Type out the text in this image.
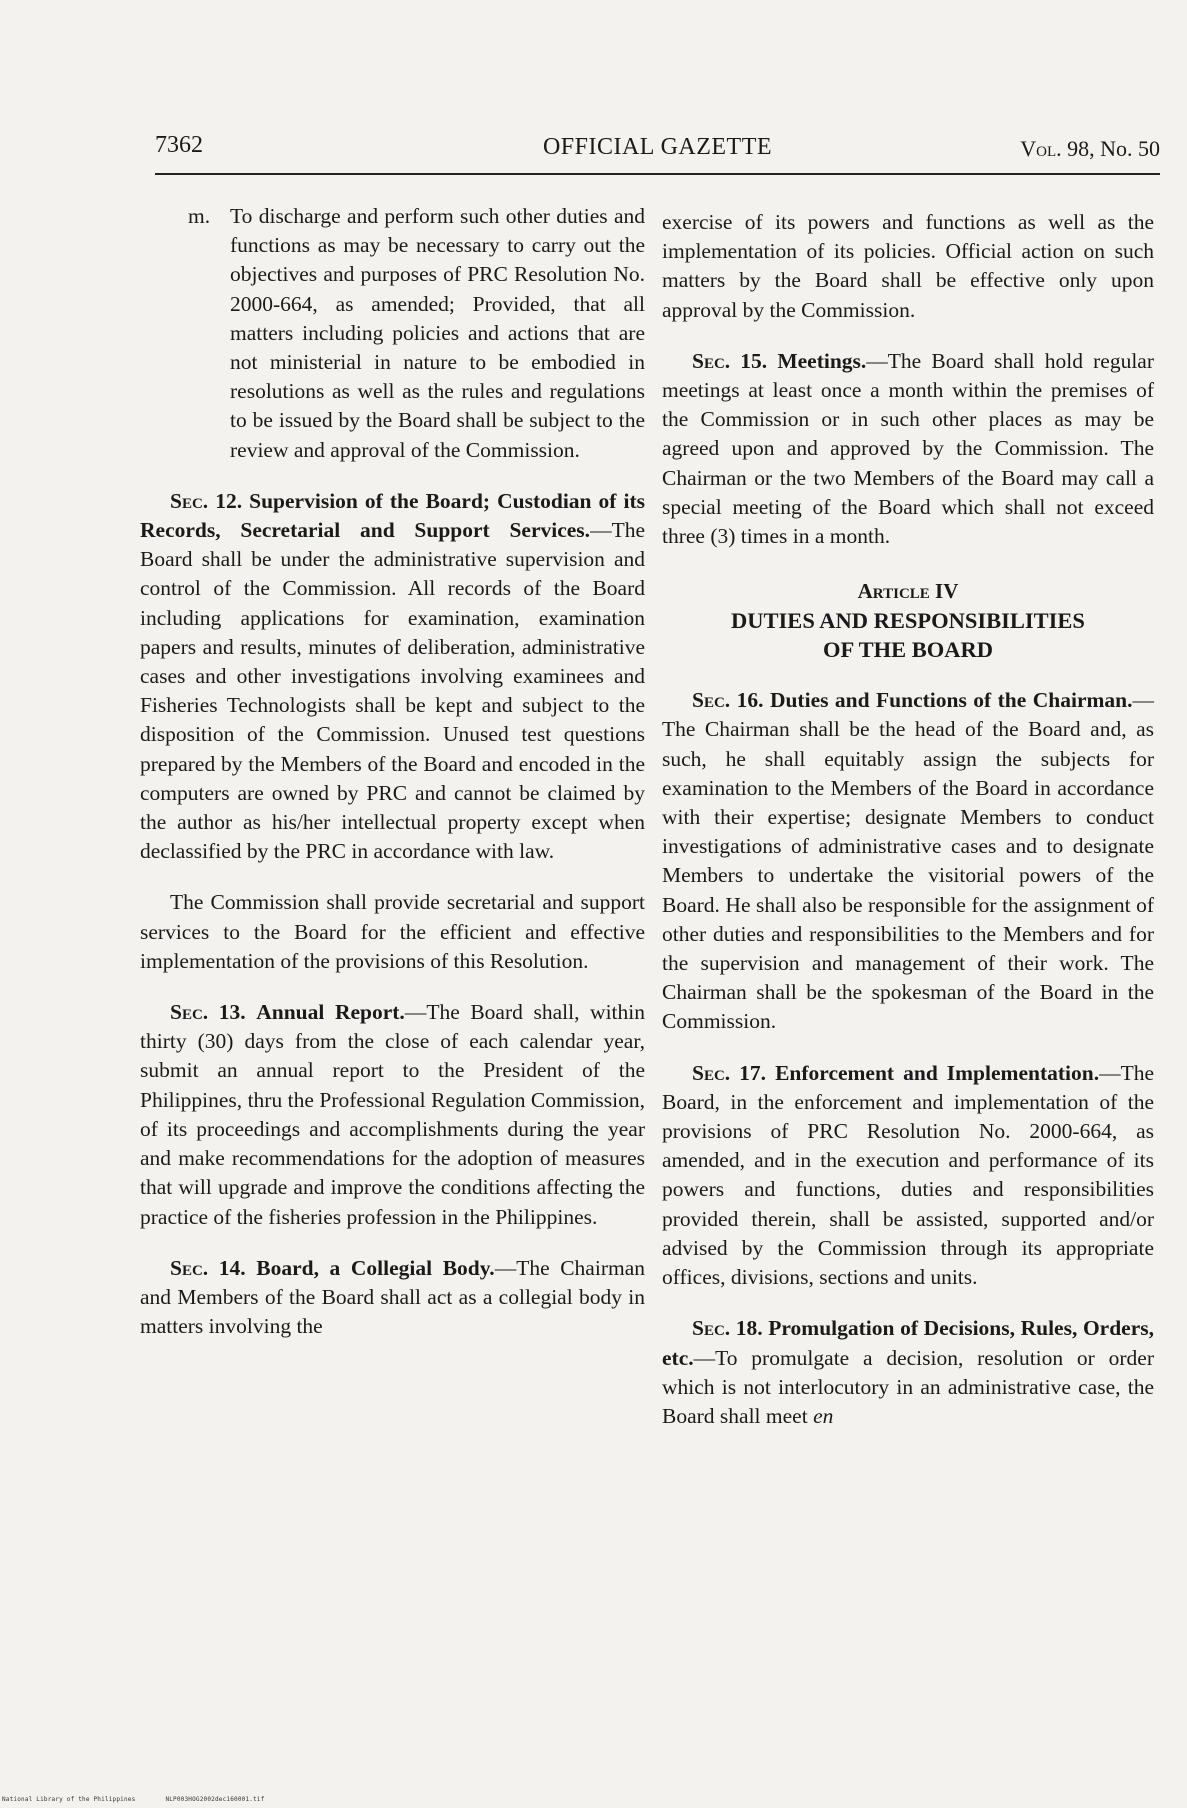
7362	OFFICIAL GAZETTE	Vol. 98, No. 50
m. To discharge and perform such other duties and functions as may be necessary to carry out the objectives and purposes of PRC Resolution No. 2000-664, as amended; Provided, that all matters including policies and actions that are not ministerial in nature to be embodied in resolutions as well as the rules and regulations to be issued by the Board shall be subject to the review and approval of the Commission.

Sec. 12. Supervision of the Board; Custodian of its Records, Secretarial and Support Services.—The Board shall be under the administrative supervision and control of the Commission. All records of the Board including applications for examination, examination papers and results, minutes of deliberation, administrative cases and other investigations involving examinees and Fisheries Technologists shall be kept and subject to the disposition of the Commission. Unused test questions prepared by the Members of the Board and encoded in the computers are owned by PRC and cannot be claimed by the author as his/her intellectual property except when declassified by the PRC in accordance with law.

The Commission shall provide secretarial and support services to the Board for the efficient and effective implementation of the provisions of this Resolution.

Sec. 13. Annual Report.—The Board shall, within thirty (30) days from the close of each calendar year, submit an annual report to the President of the Philippines, thru the Professional Regulation Commission, of its proceedings and accomplishments during the year and make recommendations for the adoption of measures that will upgrade and improve the conditions affecting the practice of the fisheries profession in the Philippines.

Sec. 14. Board, a Collegial Body.—The Chairman and Members of the Board shall act as a collegial body in matters involving the

exercise of its powers and functions as well as the implementation of its policies. Official action on such matters by the Board shall be effective only upon approval by the Commission.

Sec. 15. Meetings.—The Board shall hold regular meetings at least once a month within the premises of the Commission or in such other places as may be agreed upon and approved by the Commission. The Chairman or the two Members of the Board may call a special meeting of the Board which shall not exceed three (3) times in a month.

Article IV
DUTIES AND RESPONSIBILITIES
OF THE BOARD

Sec. 16. Duties and Functions of the Chairman.—The Chairman shall be the head of the Board and, as such, he shall equitably assign the subjects for examination to the Members of the Board in accordance with their expertise; designate Members to conduct investigations of administrative cases and to designate Members to undertake the visitorial powers of the Board. He shall also be responsible for the assignment of other duties and responsibilities to the Members and for the supervision and management of their work. The Chairman shall be the spokesman of the Board in the Commission.

Sec. 17. Enforcement and Implementation.—The Board, in the enforcement and implementation of the provisions of PRC Resolution No. 2000-664, as amended, and in the execution and performance of its powers and functions, duties and responsibilities provided therein, shall be assisted, supported and/or advised by the Commission through its appropriate offices, divisions, sections and units.

Sec. 18. Promulgation of Decisions, Rules, Orders, etc.—To promulgate a decision, resolution or order which is not interlocutory in an administrative case, the Board shall meet en

National Library of the Philippines	NLP003HOG2002dec160001.tif
